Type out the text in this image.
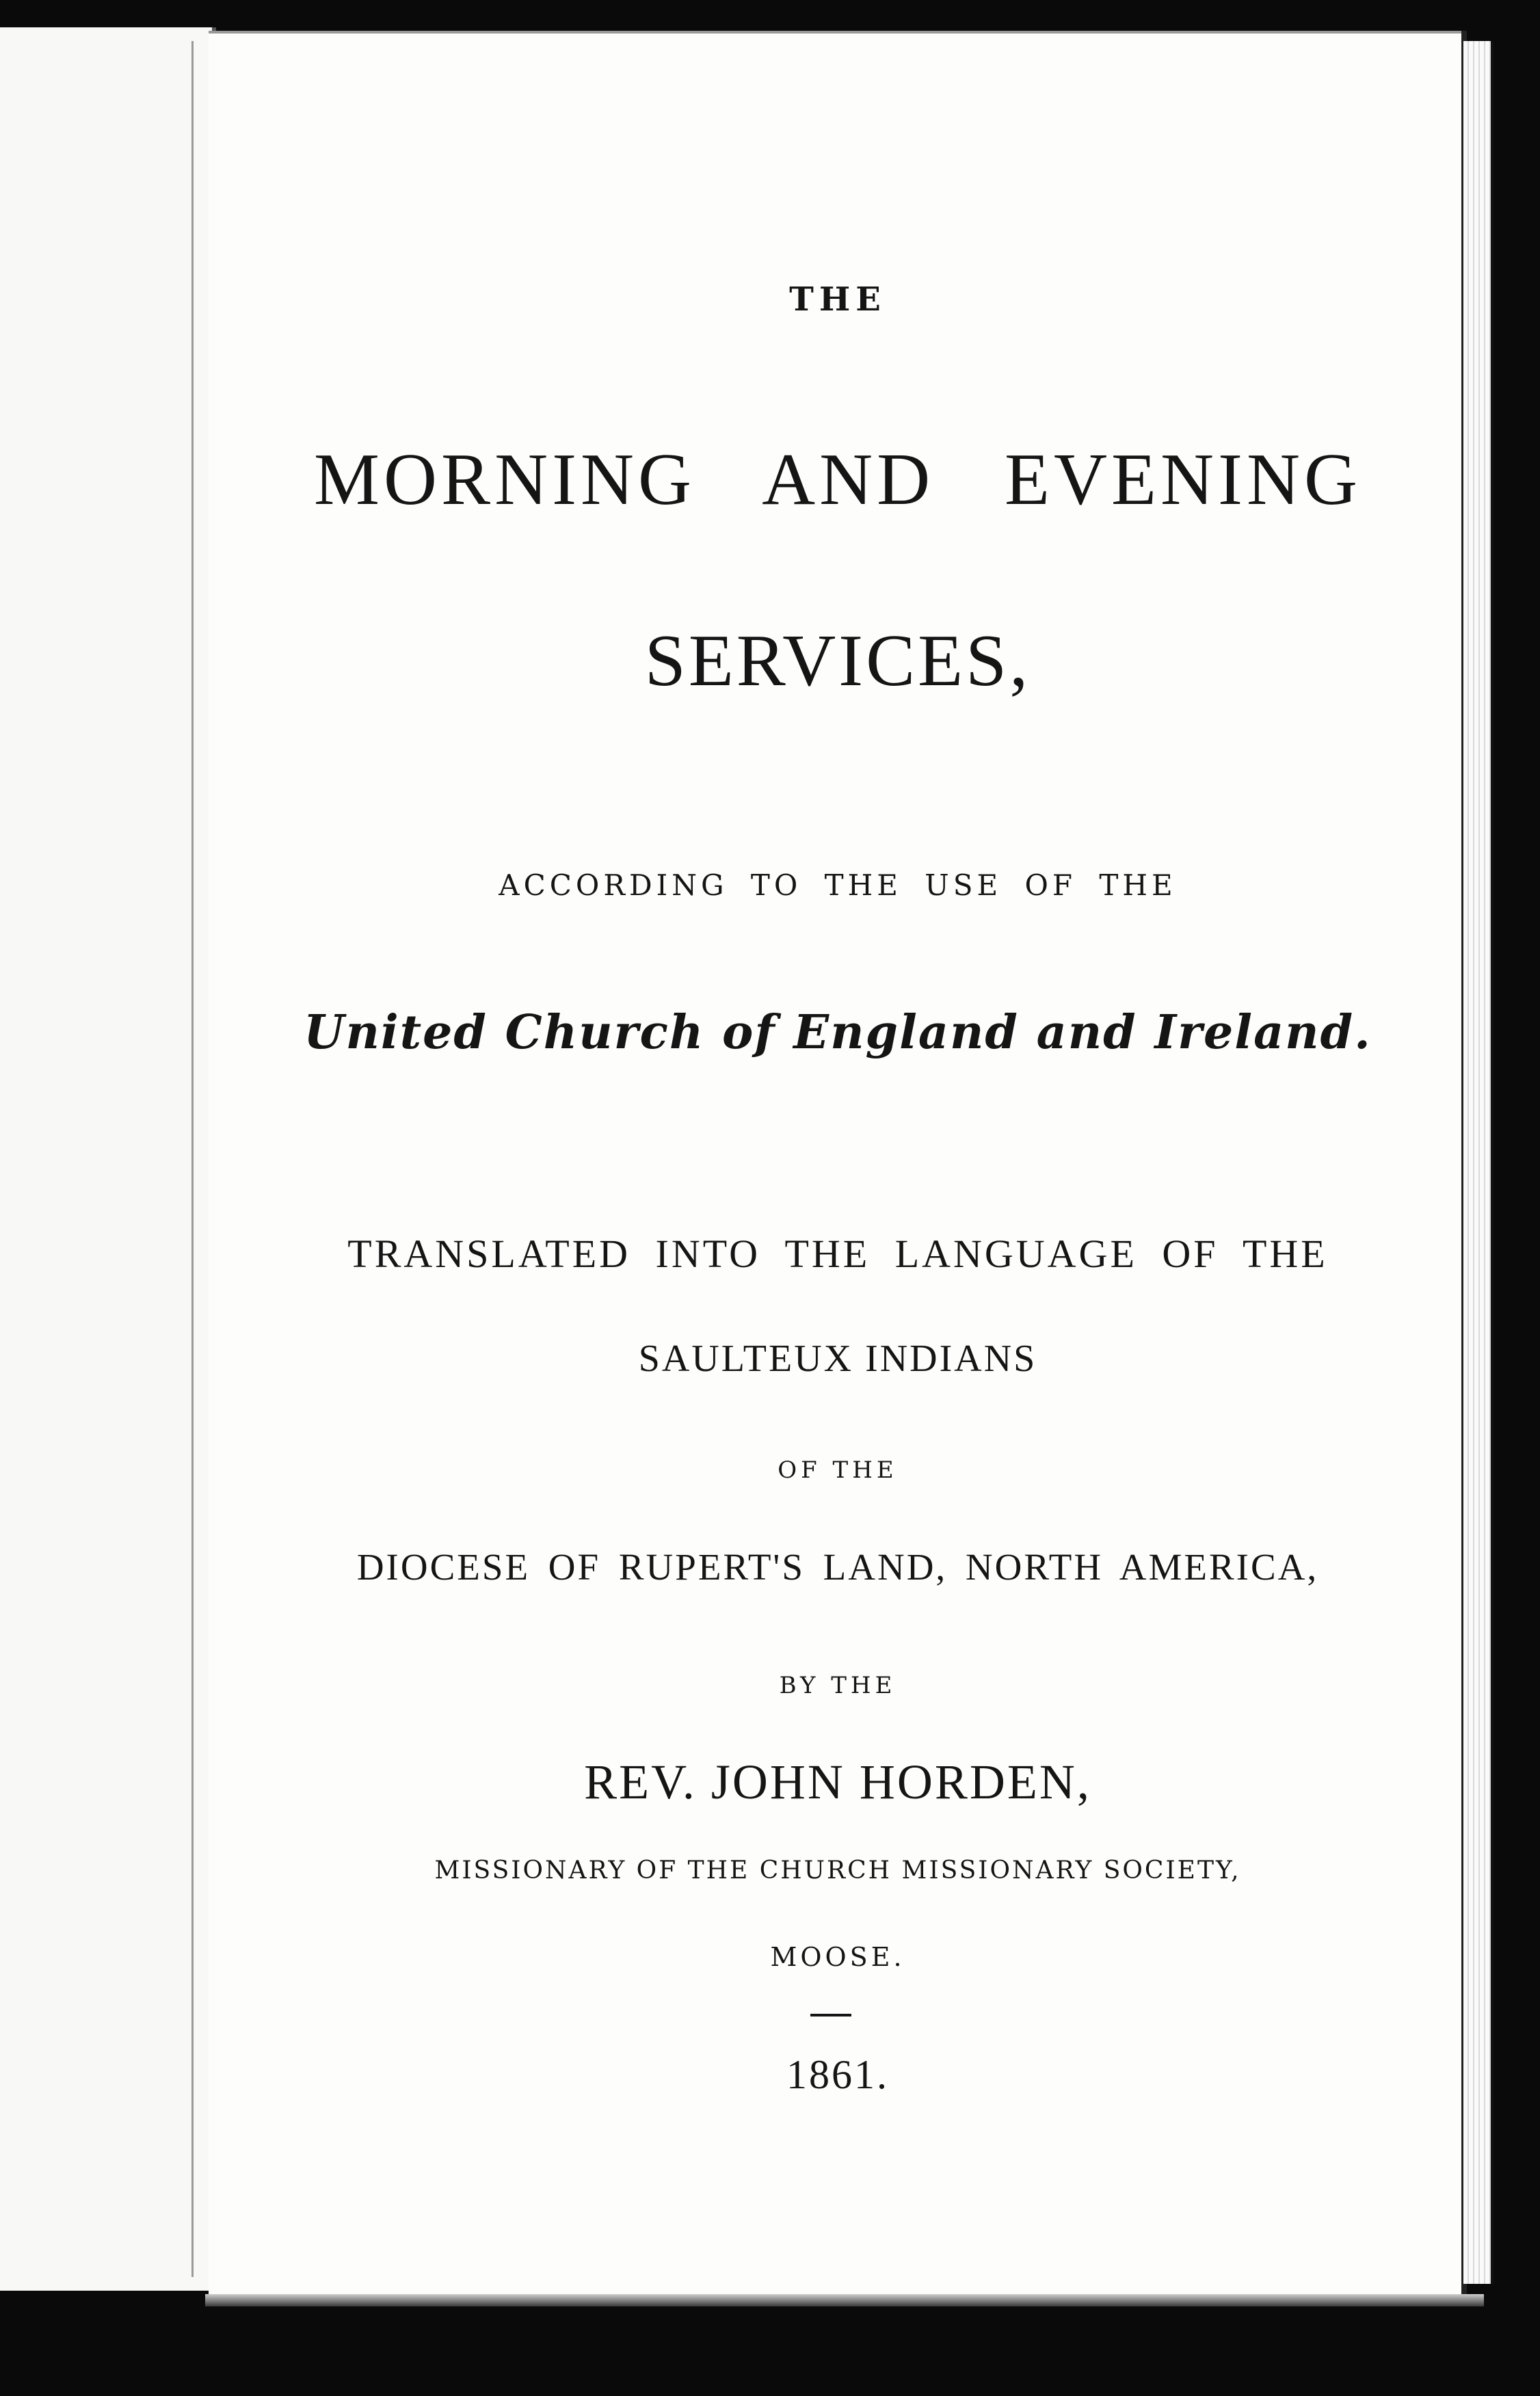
THE
MORNING AND EVENING
SERVICES,
ACCORDING TO THE USE OF THE
United Church of England and Ireland.
TRANSLATED INTO THE LANGUAGE OF THE
SAULTEUX INDIANS
OF THE
DIOCESE OF RUPERT'S LAND, NORTH AMERICA,
BY THE
REV. JOHN HORDEN,
MISSIONARY OF THE CHURCH MISSIONARY SOCIETY,
MOOSE.
1861.
